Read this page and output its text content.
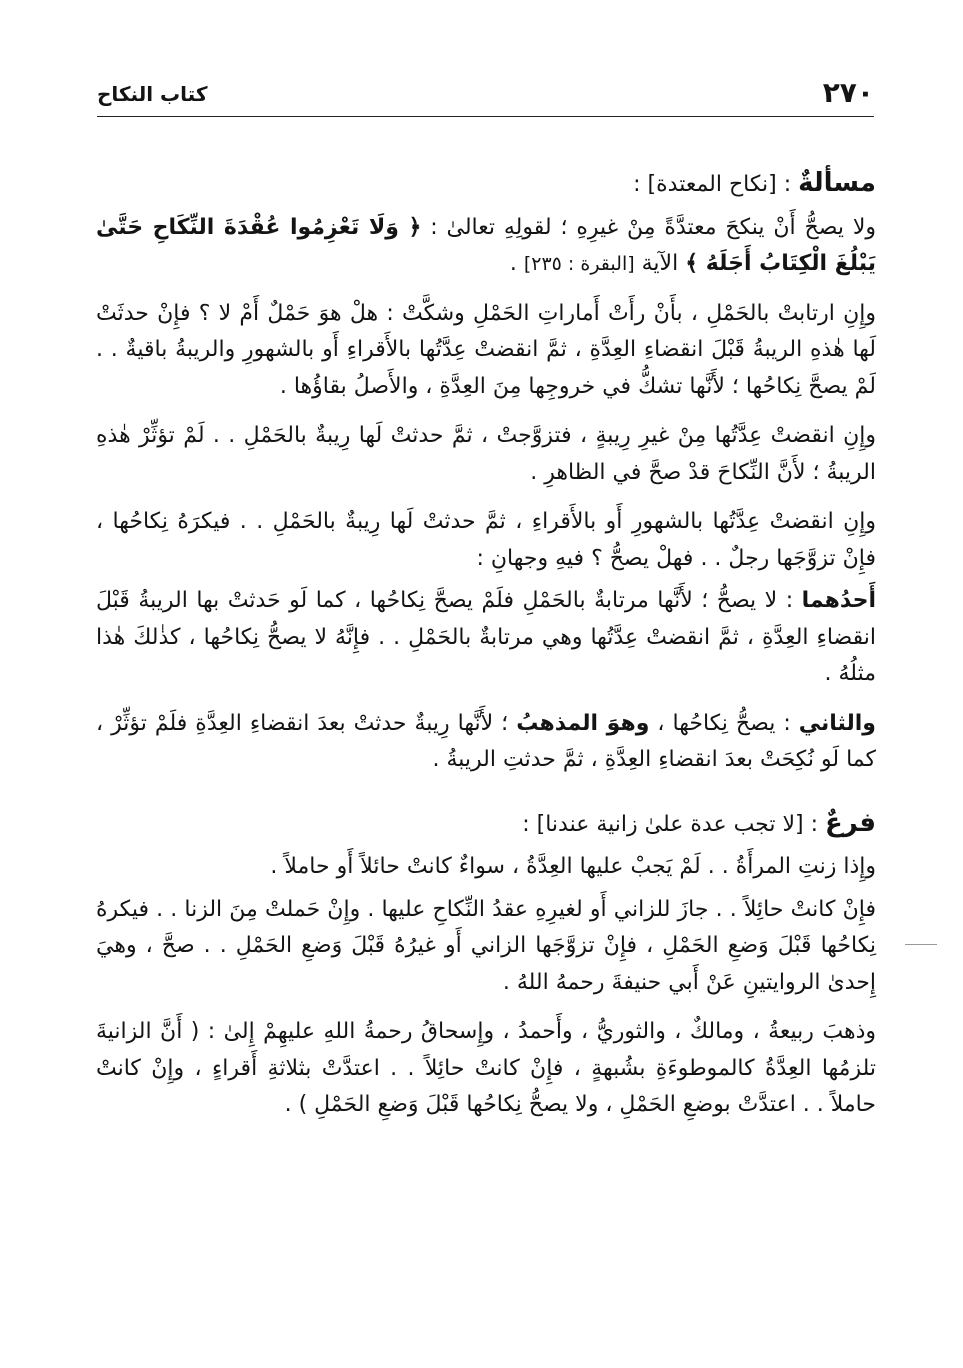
٢٧٠
كتاب النكاح

مسألةٌ : [نكاح المعتدة] :

ولا يصحُّ أَنْ ينكحَ معتدَّةً مِنْ غيرِهِ ؛ لقولِهِ تعالىٰ : ﴿ وَلَا تَعْزِمُوا عُقْدَةَ النِّكَاحِ حَتَّىٰ يَبْلُغَ الْكِتَابُ أَجَلَهُ ﴾ الآية [البقرة : ٢٣٥] .

وإِنِ ارتابتْ بالحَمْلِ ، بأَنْ رأَتْ أَماراتِ الحَمْلِ وشكَّتْ : هلْ هوَ حَمْلٌ أَمْ لا ؟ فإِنْ حدثَتْ لَها هٰذهِ الريبةُ قَبْلَ انقضاءِ العِدَّةِ ، ثمَّ انقضتْ عِدَّتُها بالأَقراءِ أَو بالشهورِ والريبةُ باقيةٌ . . لَمْ يصحَّ نِكاحُها ؛ لأَنَّها تشكُّ في خروجِها مِنَ العِدَّةِ ، والأَصلُ بقاؤُها .

وإِنِ انقضتْ عِدَّتُها مِنْ غيرِ رِيبةٍ ، فتزوَّجتْ ، ثمَّ حدثتْ لَها رِيبةٌ بالحَمْلِ . . لَمْ تؤثِّرْ هٰذهِ الريبةُ ؛ لأَنَّ النِّكاحَ قدْ صحَّ في الظاهرِ .

وإِنِ انقضتْ عِدَّتُها بالشهورِ أَو بالأَقراءِ ، ثمَّ حدثتْ لَها رِيبةٌ بالحَمْلِ . . فيكرَهُ نِكاحُها ، فإِنْ تزوَّجَها رجلٌ . . فهلْ يصحُّ ؟ فيهِ وجهانِ :

أَحدُهما : لا يصحُّ ؛ لأَنَّها مرتابةٌ بالحَمْلِ فلَمْ يصحَّ نِكاحُها ، كما لَو حَدثتْ بها الريبةُ قَبْلَ انقضاءِ العِدَّةِ ، ثمَّ انقضتْ عِدَّتُها وهي مرتابةٌ بالحَمْلِ . . فإِنَّهُ لا يصحُّ نِكاحُها ، كذٰلكَ هٰذا مثلُهُ .

والثاني : يصحُّ نِكاحُها ، وهوَ المذهبُ ؛ لأَنَّها رِيبةٌ حدثتْ بعدَ انقضاءِ العِدَّةِ فلَمْ تؤثِّرْ ، كما لَو نُكِحَتْ بعدَ انقضاءِ العِدَّةِ ، ثمَّ حدثتِ الريبةُ .

فرعٌ : [لا تجب عدة علىٰ زانية عندنا] :

وإِذا زنتِ المرأَةُ . . لَمْ يَجبْ عليها العِدَّةُ ، سواءٌ كانتْ حائلاً أَو حاملاً .

فإِنْ كانتْ حائِلاً . . جازَ للزاني أَو لغيرِهِ عقدُ النِّكاحِ عليها . وإِنْ حَملتْ مِنَ الزنا . . فيكرهُ نِكاحُها قَبْلَ وَضعِ الحَمْلِ ، فإِنْ تزوَّجَها الزاني أَو غيرُهُ قَبْلَ وَضعِ الحَمْلِ . . صحَّ ، وهيَ إِحدىٰ الروايتينِ عَنْ أَبي حنيفةَ رحمهُ اللهُ .

وذهبَ ربيعةُ ، ومالكٌ ، والثوريُّ ، وأَحمدُ ، وإِسحاقُ رحمةُ اللهِ عليهِمْ إِلىٰ : ( أَنَّ الزانيةَ تلزمُها العِدَّةُ كالموطوءَةِ بشُبهةٍ ، فإِنْ كانتْ حائِلاً . . اعتدَّتْ بثلاثةِ أَقراءٍ ، وإِنْ كانتْ حاملاً . . اعتدَّتْ بوضعِ الحَمْلِ ، ولا يصحُّ نِكاحُها قَبْلَ وَضعِ الحَمْلِ ) .
